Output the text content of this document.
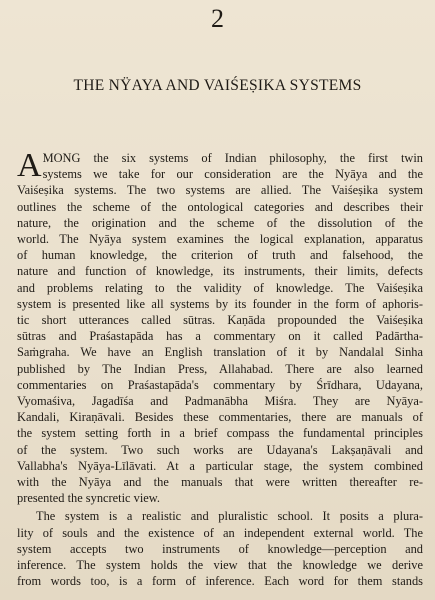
2
THE NŸAYA AND VAIŚEṢIKA SYSTEMS
A MONG the six systems of Indian philosophy, the first twin
systems we take for our consideration are the Nyāya and the
Vaiśeṣika systems. The two systems are allied. The Vaiśeṣika system
outlines the scheme of the ontological categories and describes their
nature, the origination and the scheme of the dissolution of the
world. The Nyāya system examines the logical explanation, apparatus
of human knowledge, the criterion of truth and falsehood, the
nature and function of knowledge, its instruments, their limits, defects
and problems relating to the validity of knowledge. The Vaiśeṣika
system is presented like all systems by its founder in the form of aphoris-
tic short utterances called sūtras. Kaṇāda propounded the Vaiśeṣika
sūtras and Praśastapāda has a commentary on it called Padārtha-
Saṁgraha. We have an English translation of it by Nandalal Sinha
published by The Indian Press, Allahabad. There are also learned
commentaries on Praśastapāda's commentary by Śrīdhara, Udayana,
Vyomaśiva, Jagadīśa and Padmanābha Miśra. They are Nyāya-
Kandali, Kiraṇāvali. Besides these commentaries, there are manuals of
the system setting forth in a brief compass the fundamental principles
of the system. Two such works are Udayana's Lakṣaṇāvali and
Vallabha's Nyāya-Līlāvati. At a particular stage, the system combined
with the Nyāya and the manuals that were written thereafter re-
presented the syncretic view.
The system is a realistic and pluralistic school. It posits a plura-
lity of souls and the existence of an independent external world. The
system accepts two instruments of knowledge—perception and
inference. The system holds the view that the knowledge we derive
from words too, is a form of inference. Each word for them stands
